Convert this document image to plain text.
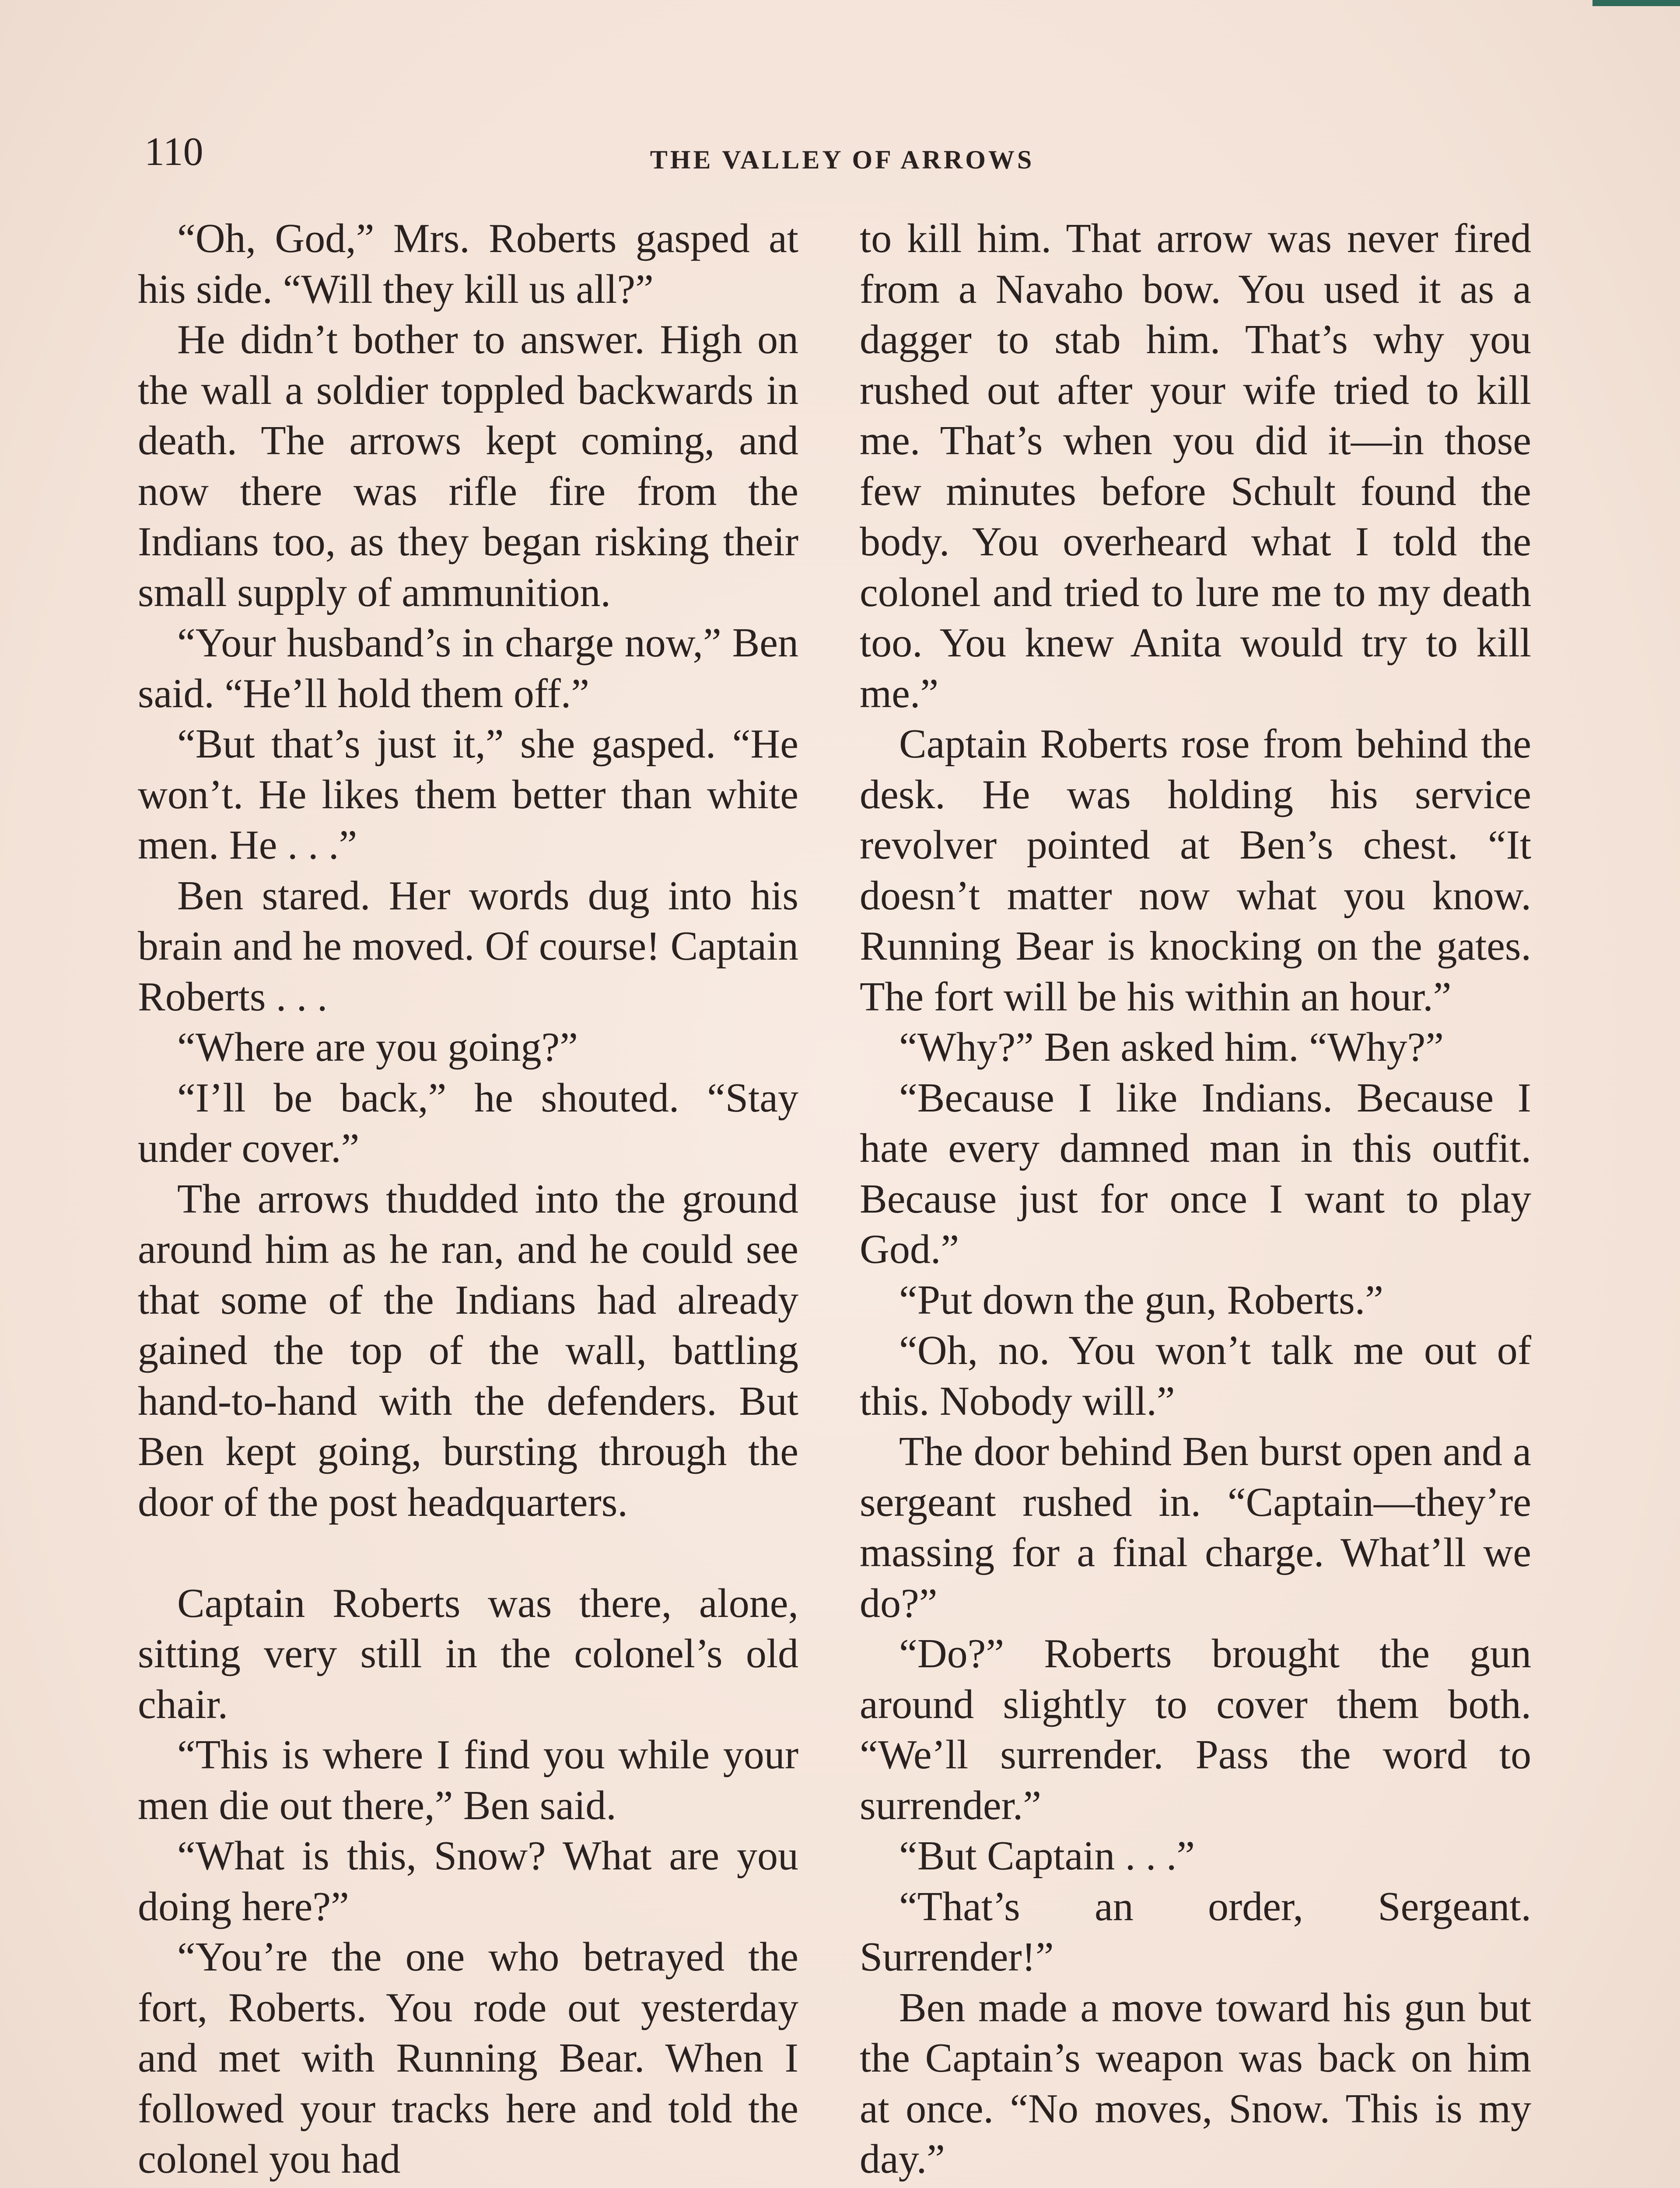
110	THE VALLEY OF ARROWS

“Oh, God,” Mrs. Roberts gasped at his side. “Will they kill us all?”

He didn’t bother to answer. High on the wall a soldier toppled backwards in death. The arrows kept coming, and now there was rifle fire from the Indians too, as they began risking their small supply of ammunition.

“Your husband’s in charge now,” Ben said. “He’ll hold them off.”

“But that’s just it,” she gasped. “He won’t. He likes them better than white men. He . . .”

Ben stared. Her words dug into his brain and he moved. Of course! Captain Roberts . . .

“Where are you going?”

“I’ll be back,” he shouted. “Stay under cover.”

The arrows thudded into the ground around him as he ran, and he could see that some of the Indians had already gained the top of the wall, battling hand-to-hand with the defenders. But Ben kept going, bursting through the door of the post headquarters.

Captain Roberts was there, alone, sitting very still in the colonel’s old chair.

“This is where I find you while your men die out there,” Ben said.

“What is this, Snow? What are you doing here?”

“You’re the one who betrayed the fort, Roberts. You rode out yesterday and met with Running Bear. When I followed your tracks here and told the colonel you had

to kill him. That arrow was never fired from a Navaho bow. You used it as a dagger to stab him. That’s why you rushed out after your wife tried to kill me. That’s when you did it—in those few minutes before Schult found the body. You overheard what I told the colonel and tried to lure me to my death too. You knew Anita would try to kill me.”

Captain Roberts rose from behind the desk. He was holding his service revolver pointed at Ben’s chest. “It doesn’t matter now what you know. Running Bear is knocking on the gates. The fort will be his within an hour.”

“Why?” Ben asked him. “Why?”

“Because I like Indians. Because I hate every damned man in this outfit. Because just for once I want to play God.”

“Put down the gun, Roberts.”

“Oh, no. You won’t talk me out of this. Nobody will.”

The door behind Ben burst open and a sergeant rushed in. “Captain—they’re massing for a final charge. What’ll we do?”

“Do?” Roberts brought the gun around slightly to cover them both. “We’ll surrender. Pass the word to surrender.”

“But Captain . . .”

“That’s an order, Sergeant. Surrender!”

Ben made a move toward his gun but the Captain’s weapon was back on him at once. “No moves, Snow. This is my day.”
